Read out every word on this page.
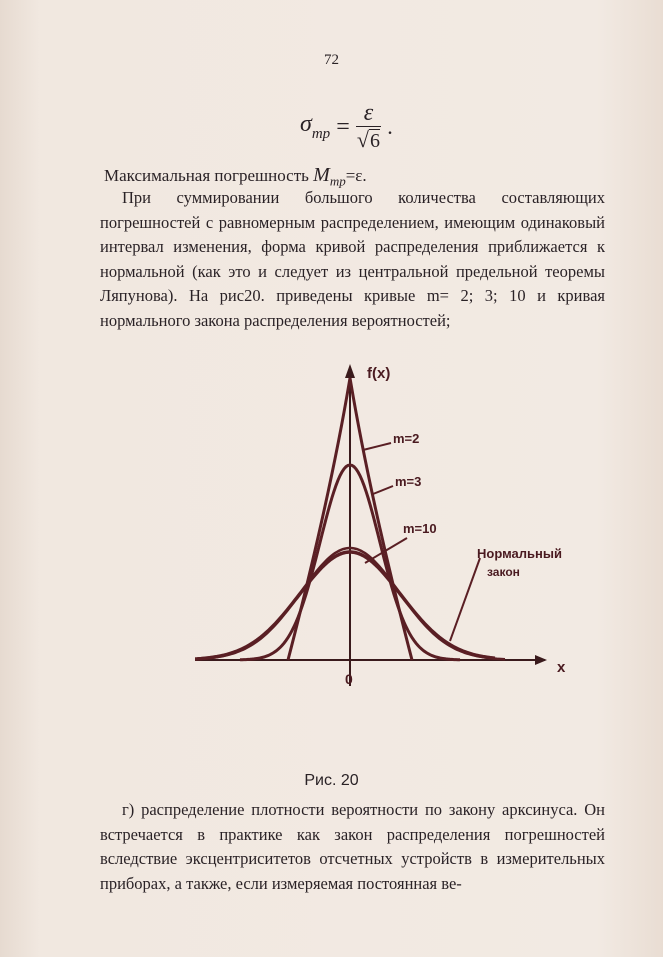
72
$\sigma_{тр} = \frac{\varepsilon}{√6}$ .
Максимальная погрешность $M_{тр}=\varepsilon$.
При суммировании большого количества составляющих погрешностей с равномерным распределением, имеющим одинаковый интервал изменения, форма кривой распределения приближается к нормальной (как это и следует из центральной предельной теоремы Ляпунова). На рис20. приведены кривые m= 2; 3; 10 и кривая нормального закона распределения вероятностей;
f(x)
x
0
m=2
m=3
m=10
Нормальный
закон
Рис. 20
г) распределение плотности вероятности по закону арксинуса. Он встречается в практике как закон распределения погрешностей вследствие эксцентриситетов отсчетных устройств в измерительных приборах, а также, если измеряемая постоянная ве-
